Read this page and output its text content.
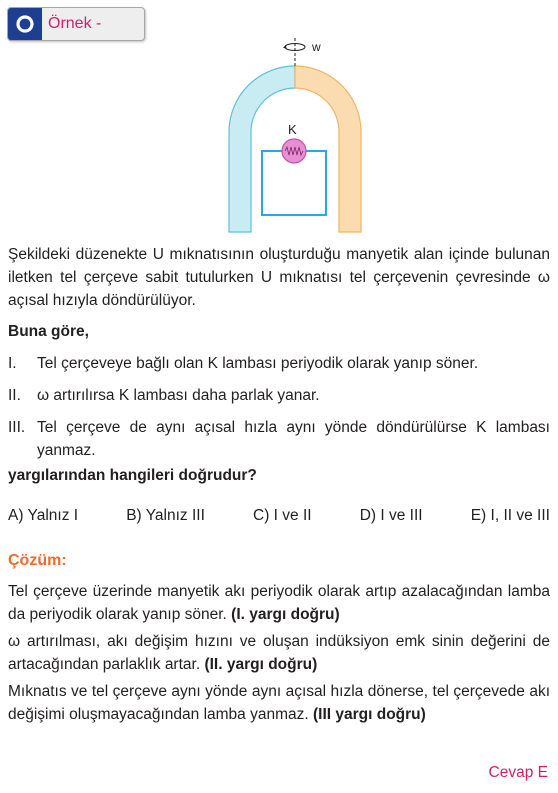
Örnek -
w
K

Şekildeki düzenekte U mıknatısının oluşturduğu manyetik alan içinde bulunan iletken tel çerçeve sabit tutulurken U mıknatısı tel çerçevenin çevresinde ω açısal hızıyla döndürülüyor.

Buna göre,
I.	Tel çerçeveye bağlı olan K lambası periyodik olarak yanıp söner.
II.	ω artırılırsa K lambası daha parlak yanar.
III. Tel çerçeve de aynı açısal hızla aynı yönde döndürülürse K lambası yanmaz.
yargılarından hangileri doğrudur?
A) Yalnız I	B) Yalnız III	C) I ve II	D) I ve III	E) I, II ve III
Çözüm:

Tel çerçeve üzerinde manyetik akı periyodik olarak artıp azalacağından lamba da periyodik olarak yanıp söner. (I. yargı doğru)

ω artırılması, akı değişim hızını ve oluşan indüksiyon emk sinin değerini de artacağından parlaklık artar. (II. yargı doğru)

Mıknatıs ve tel çerçeve aynı yönde aynı açısal hızla dönerse, tel çerçevede akı değişimi oluşmayacağından lamba yanmaz. (III yargı doğru)

Cevap E
